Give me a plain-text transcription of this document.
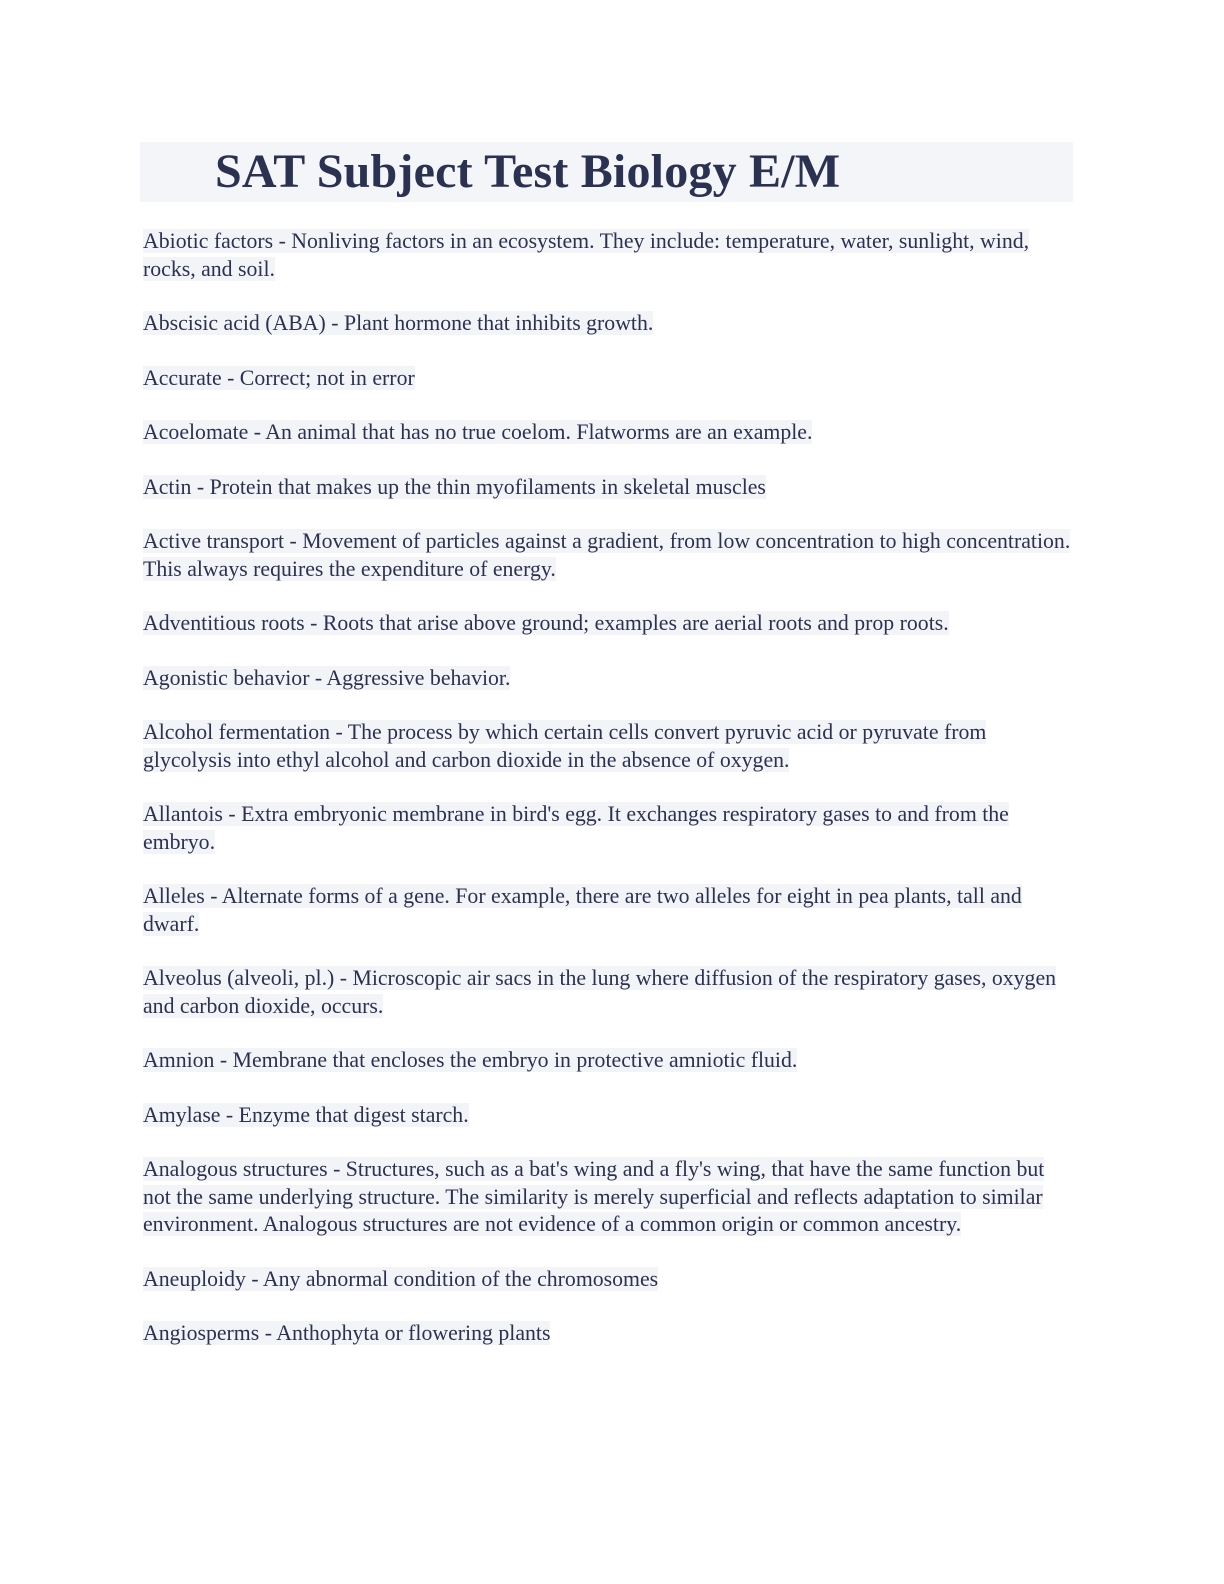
SAT Subject Test Biology E/M
Abiotic factors - Nonliving factors in an ecosystem. They include: temperature, water, sunlight, wind, rocks, and soil.
Abscisic acid (ABA) - Plant hormone that inhibits growth.
Accurate - Correct; not in error
Acoelomate - An animal that has no true coelom. Flatworms are an example.
Actin - Protein that makes up the thin myofilaments in skeletal muscles
Active transport - Movement of particles against a gradient, from low concentration to high concentration. This always requires the expenditure of energy.
Adventitious roots - Roots that arise above ground; examples are aerial roots and prop roots.
Agonistic behavior - Aggressive behavior.
Alcohol fermentation - The process by which certain cells convert pyruvic acid or pyruvate from glycolysis into ethyl alcohol and carbon dioxide in the absence of oxygen.
Allantois - Extra embryonic membrane in bird's egg. It exchanges respiratory gases to and from the embryo.
Alleles - Alternate forms of a gene. For example, there are two alleles for eight in pea plants, tall and dwarf.
Alveolus (alveoli, pl.) - Microscopic air sacs in the lung where diffusion of the respiratory gases, oxygen and carbon dioxide, occurs.
Amnion - Membrane that encloses the embryo in protective amniotic fluid.
Amylase - Enzyme that digest starch.
Analogous structures - Structures, such as a bat's wing and a fly's wing, that have the same function but not the same underlying structure. The similarity is merely superficial and reflects adaptation to similar environment. Analogous structures are not evidence of a common origin or common ancestry.
Aneuploidy - Any abnormal condition of the chromosomes
Angiosperms - Anthophyta or flowering plants
